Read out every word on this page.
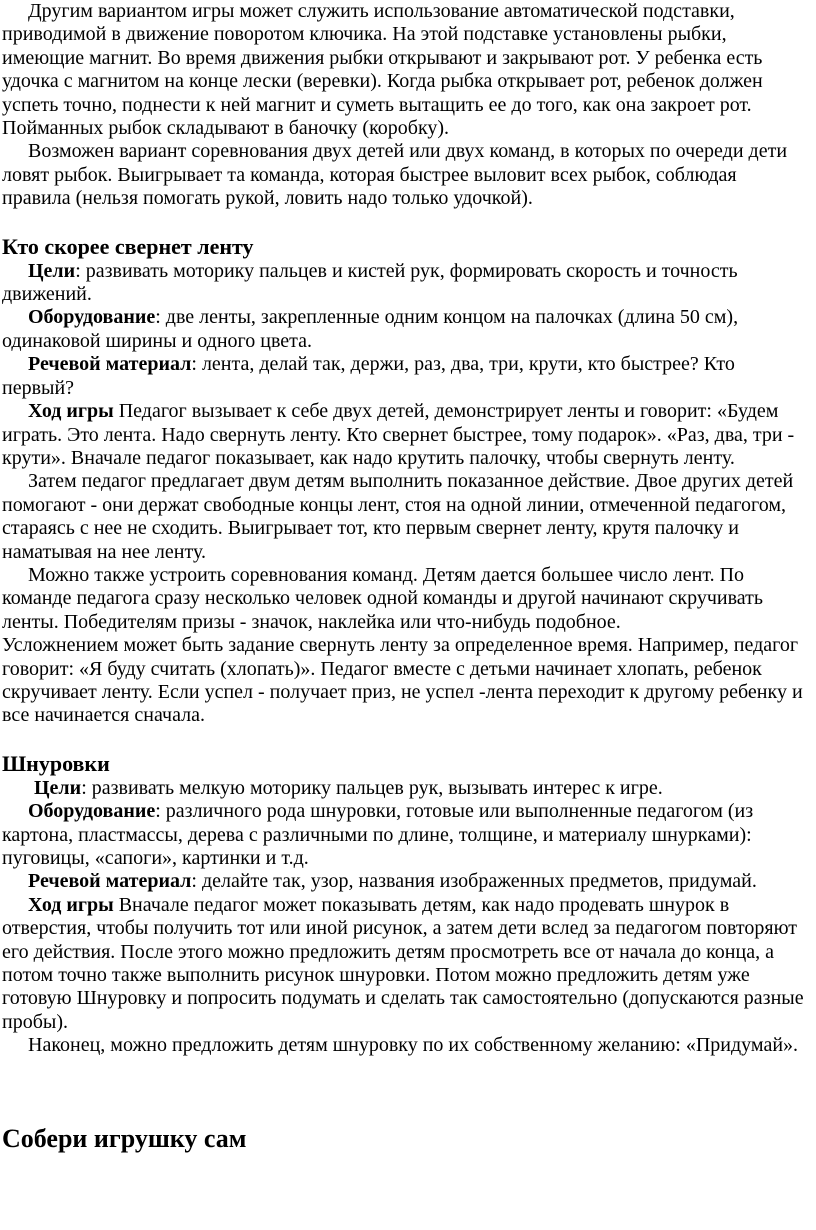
Другим вариантом игры может служить использование автоматической подставки, приводимой в движение поворотом ключика. На этой подставке установлены рыбки, имеющие магнит. Во время движения рыбки открывают и закрывают рот. У ребенка есть удочка с магнитом на конце лески (веревки). Когда рыбка открывает рот, ребенок должен успеть точно, поднести к ней магнит и суметь вытащить ее до того, как она закроет рот. Пойманных рыбок складывают в баночку (коробку).

Возможен вариант соревнования двух детей или двух команд, в которых по очереди дети ловят рыбок. Выигрывает та команда, которая быстрее выловит всех рыбок, соблюдая правила (нельзя помогать рукой, ловить надо только удочкой).

Кто скорее свернет ленту

Цели: развивать моторику пальцев и кистей рук, формировать скорость и точность движений.

Оборудование: две ленты, закрепленные одним концом на палочках (длина 50 см), одинаковой ширины и одного цвета.

Речевой материал: лента, делай так, держи, раз, два, три, крути, кто быстрее? Кто первый?

Ход игры Педагог вызывает к себе двух детей, демонстрирует ленты и говорит: «Будем играть. Это лента. Надо свернуть ленту. Кто свернет быстрее, тому подарок». «Раз, два, три - крути». Вначале педагог показывает, как надо крутить палочку, чтобы свернуть ленту.

Затем педагог предлагает двум детям выполнить показанное действие. Двое других детей помогают - они держат свободные концы лент, стоя на одной линии, отмеченной педагогом, стараясь с нее не сходить. Выигрывает тот, кто первым свернет ленту, крутя палочку и наматывая на нее ленту.

Можно также устроить соревнования команд. Детям дается большее число лент. По команде педагога сразу несколько человек одной команды и другой начинают скручивать ленты. Победителям призы - значок, наклейка или что-нибудь подобное.

Усложнением может быть задание свернуть ленту за определенное время. Например, педагог говорит: «Я буду считать (хлопать)». Педагог вместе с детьми начинает хлопать, ребенок скручивает ленту. Если успел - получает приз, не успел -лента переходит к другому ребенку и все начинается сначала.

Шнуровки

Цели: развивать мелкую моторику пальцев рук, вызывать интерес к игре.

Оборудование: различного рода шнуровки, готовые или выполненные педагогом (из картона, пластмассы, дерева с различными по длине, толщине, и материалу шнурками): пуговицы, «сапоги», картинки и т.д.

Речевой материал: делайте так, узор, названия изображенных предметов, придумай.

Ход игры Вначале педагог может показывать детям, как надо продевать шнурок в отверстия, чтобы получить тот или иной рисунок, а затем дети вслед за педагогом повторяют его действия. После этого можно предложить детям просмотреть все от начала до конца, а потом точно также выполнить рисунок шнуровки. Потом можно предложить детям уже готовую Шнуровку и попросить подумать и сделать так самостоятельно (допускаются разные пробы).

Наконец, можно предложить детям шнуровку по их собственному желанию: «Придумай».

Собери игрушку сам
